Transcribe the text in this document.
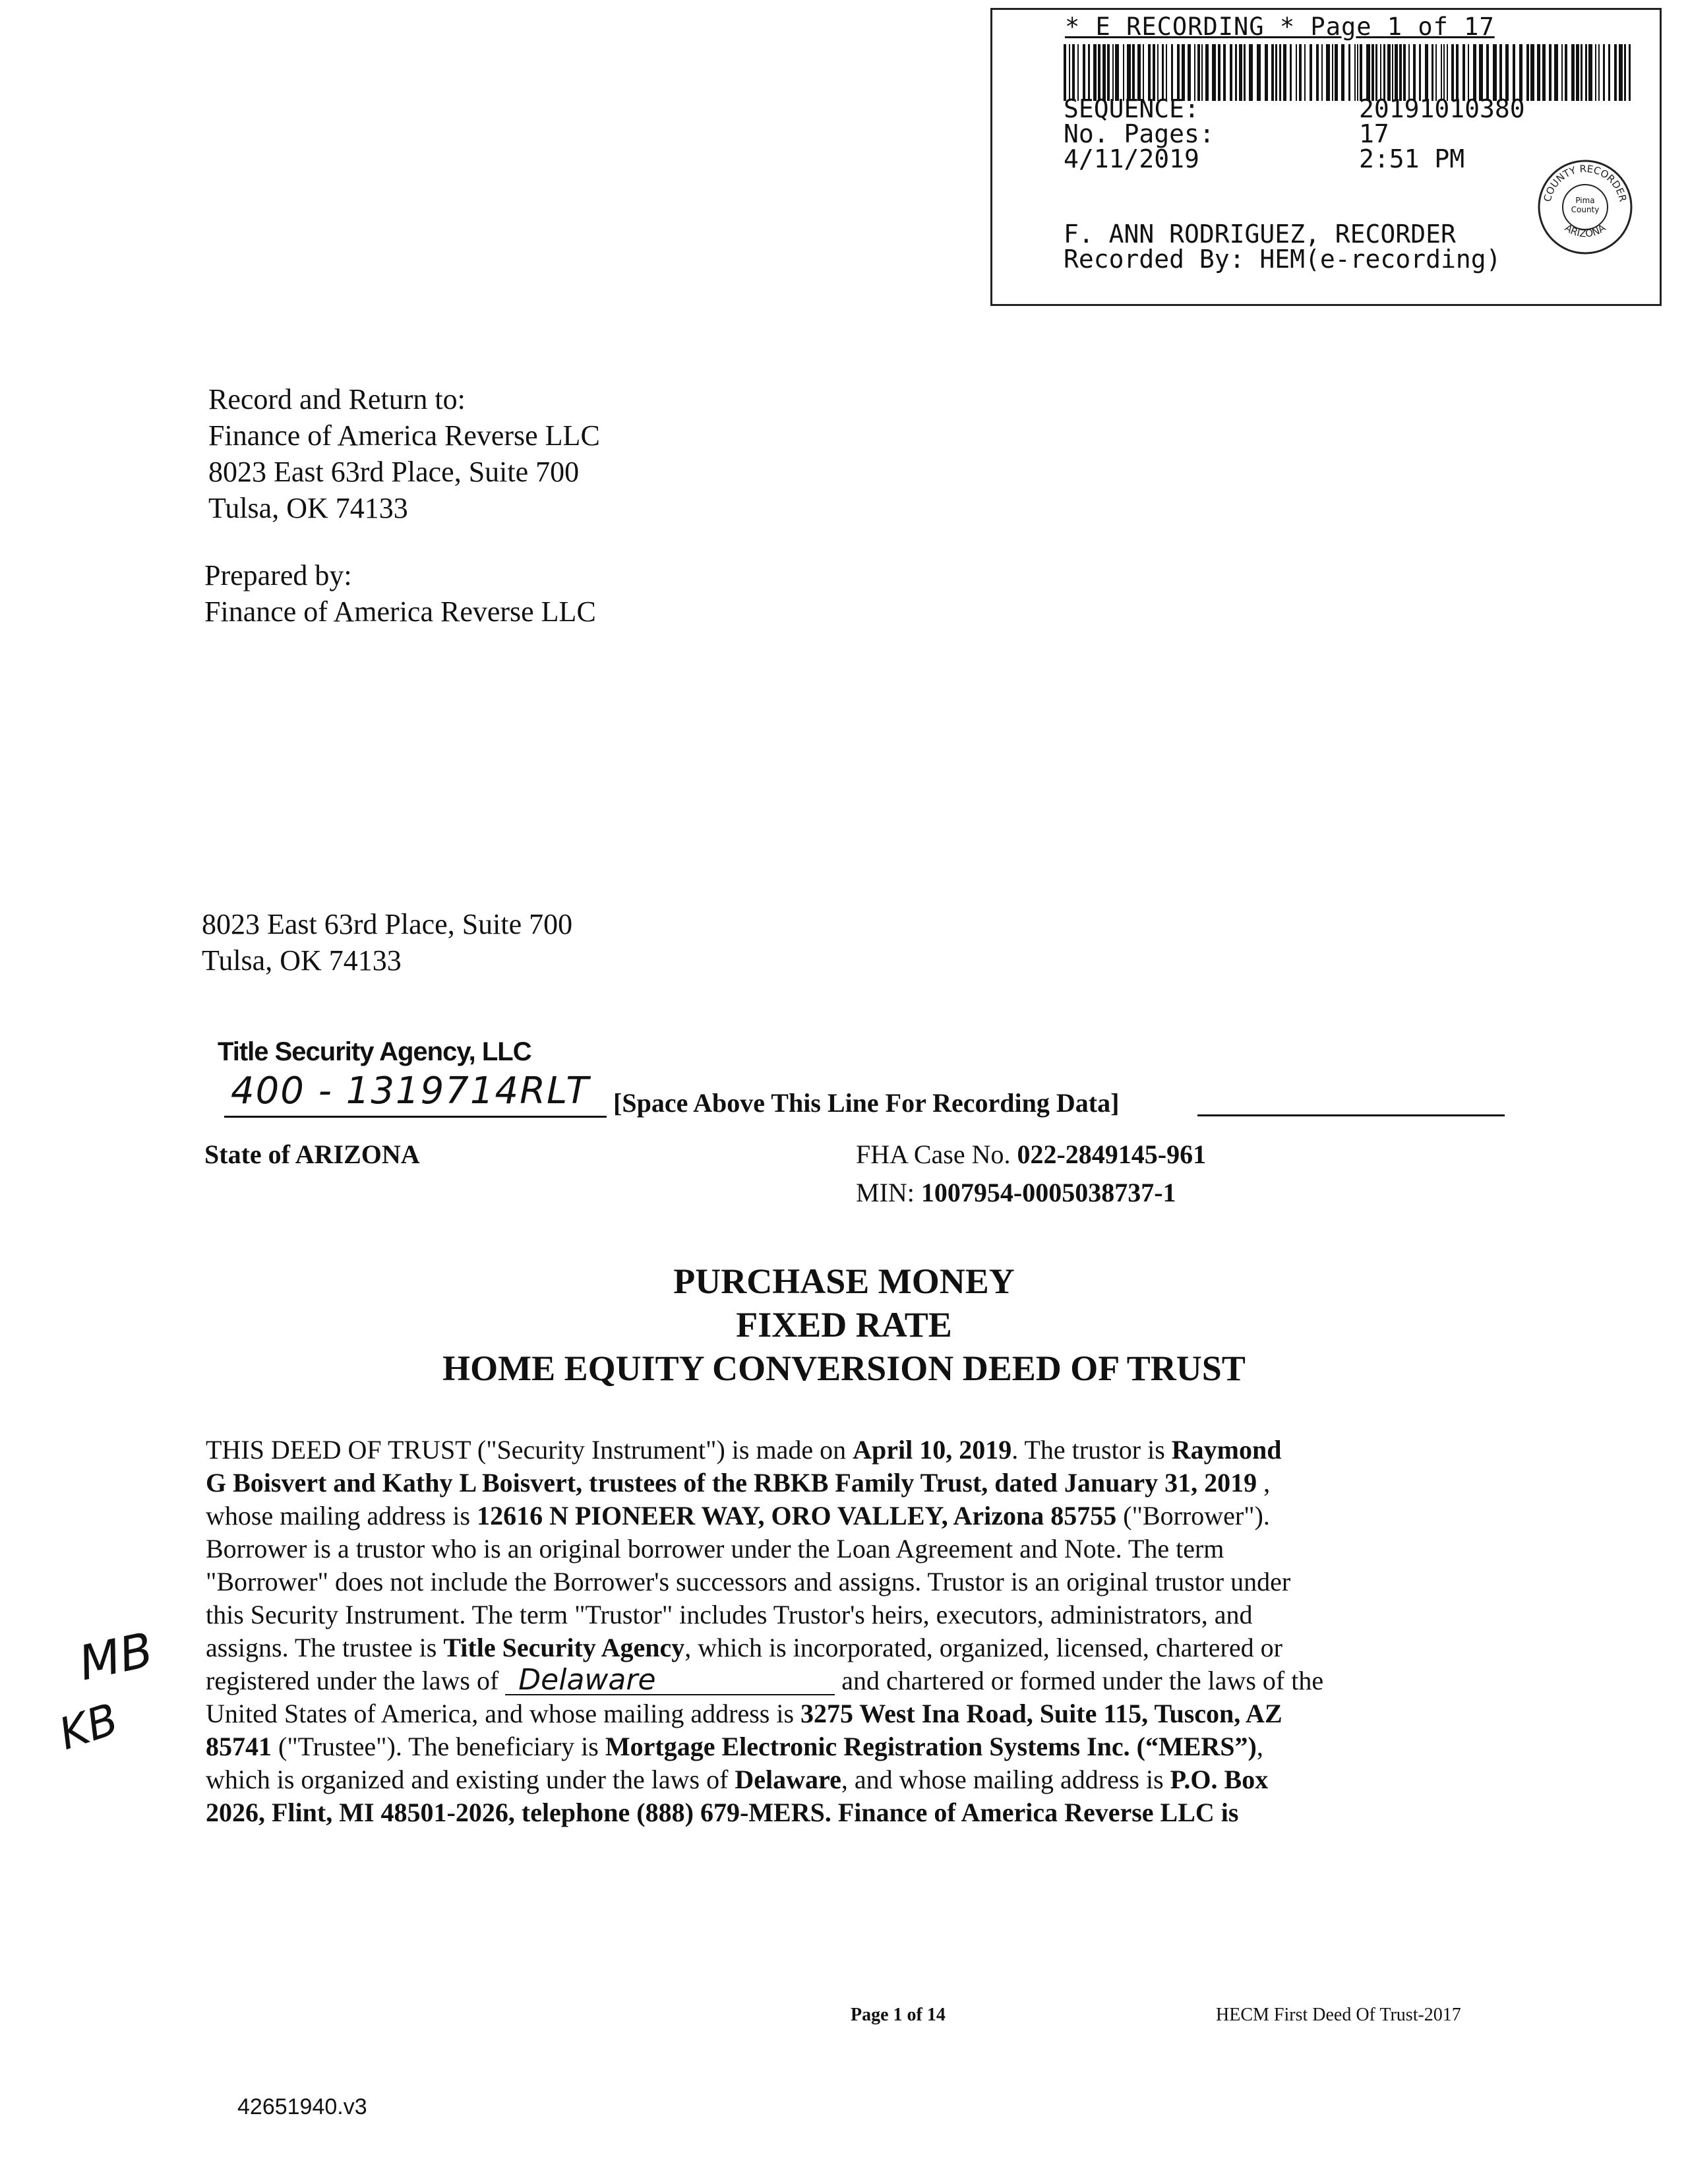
* E RECORDING * Page 1 of 17
SEQUENCE:	20191010380
No. Pages:	17
4/11/2019	2:51 PM
F. ANN RODRIGUEZ, RECORDER
Recorded By: HEM(e-recording)
COUNTY RECORDER
ARIZONA
Pima County
Record and Return to:
Finance of America Reverse LLC
8023 East 63rd Place, Suite 700
Tulsa, OK 74133
Prepared by:
Finance of America Reverse LLC
8023 East 63rd Place, Suite 700
Tulsa, OK 74133
Title Security Agency, LLC
400 - 1319714RLT [Space Above This Line For Recording Data]
State of ARIZONA	FHA Case No. 022-2849145-961
MIN: 1007954-0005038737-1
PURCHASE MONEY
FIXED RATE
HOME EQUITY CONVERSION DEED OF TRUST
THIS DEED OF TRUST ("Security Instrument") is made on April 10, 2019. The trustor is Raymond
G Boisvert and Kathy L Boisvert, trustees of the RBKB Family Trust, dated January 31, 2019 ,
whose mailing address is 12616 N PIONEER WAY, ORO VALLEY, Arizona 85755 ("Borrower").
Borrower is a trustor who is an original borrower under the Loan Agreement and Note. The term
"Borrower" does not include the Borrower's successors and assigns. Trustor is an original trustor under
this Security Instrument. The term "Trustor" includes Trustor's heirs, executors, administrators, and
assigns. The trustee is Title Security Agency, which is incorporated, organized, licensed, chartered or
registered under the laws of Delaware	and chartered or formed under the laws of the
United States of America, and whose mailing address is 3275 West Ina Road, Suite 115, Tuscon, AZ
85741 ("Trustee"). The beneficiary is Mortgage Electronic Registration Systems Inc. (“MERS”),
which is organized and existing under the laws of Delaware, and whose mailing address is P.O. Box
2026, Flint, MI 48501-2026, telephone (888) 679-MERS. Finance of America Reverse LLC is
MB
KB
Page 1 of 14	HECM First Deed Of Trust-2017
42651940.v3
